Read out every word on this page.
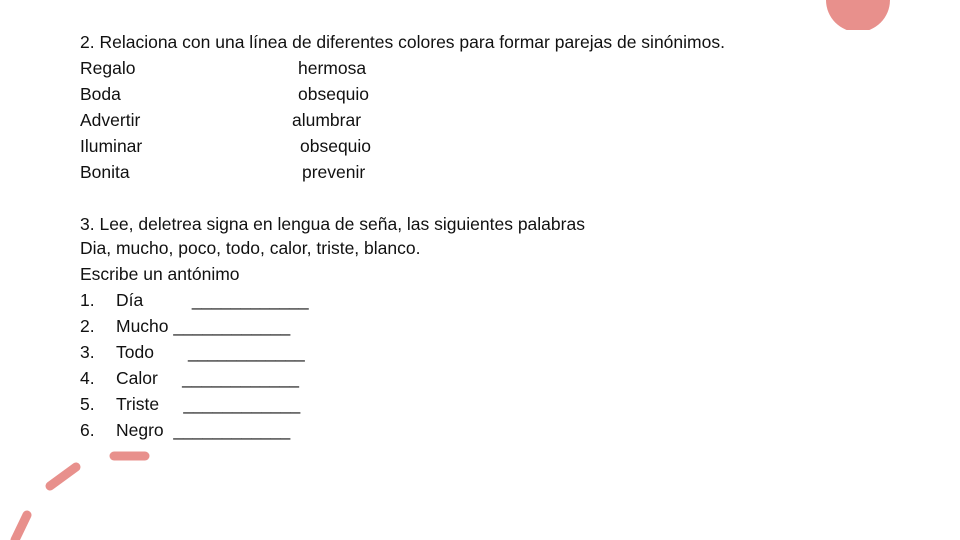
2. Relaciona con una línea de diferentes colores para formar parejas de sinónimos.
Regalo	hermosa
Boda	obsequio
Advertir	alumbrar
Iluminar	obsequio
Bonita	prevenir
3. Lee, deletrea signa en lengua de seña, las siguientes palabras
Dia, mucho, poco, todo, calor, triste, blanco.
Escribe un antónimo
1. Día          ____________
2. Mucho ____________
3. Todo       ____________
4. Calor     ____________
5. Triste     ____________
6. Negro  ____________
